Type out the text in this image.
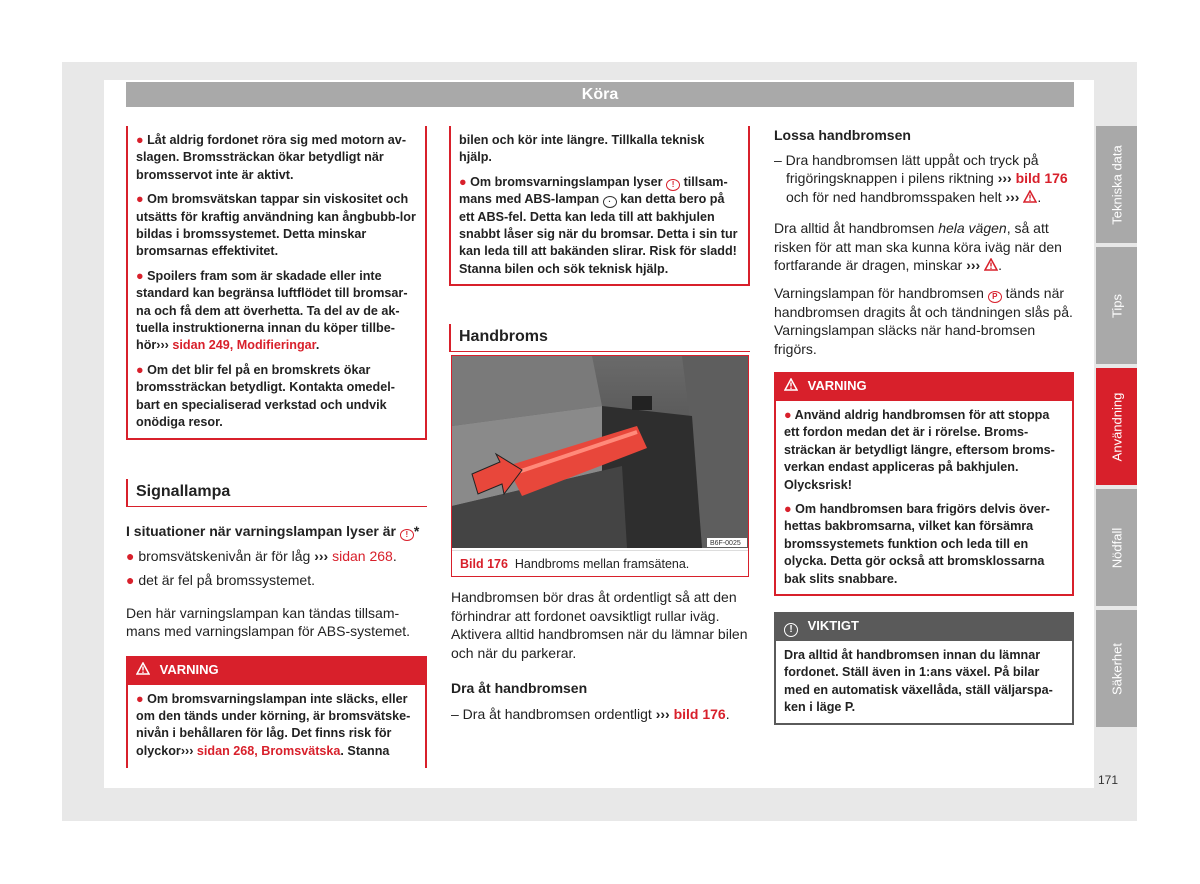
Köra

● Låt aldrig fordonet röra sig med motorn av-slagen. Bromssträckan ökar betydligt när bromsservot inte är aktivt.

● Om bromsvätskan tappar sin viskositet och utsätts för kraftig användning kan ångbubb-lor bildas i bromssystemet. Detta minskar bromsarnas effektivitet.

● Spoilers fram som är skadade eller inte standard kan begränsa luftflödet till bromsar-na och få dem att överhetta. Ta del av de ak-tuella instruktionerna innan du köper tillbe-hör››› sidan 249, Modifieringar.

● Om det blir fel på en bromskrets ökar bromssträckan betydligt. Kontakta omedel-bart en specialiserad verkstad och undvik onödiga resor.

Signallampa
I situationer när varningslampan lyser är ! *
● bromsvätskenivån är för låg ››› sidan 268.
● det är fel på bromssystemet.
Den här varningslampan kan tändas tillsam-mans med varningslampan för ABS-systemet.
VARNING

● Om bromsvarningslampan inte släcks, eller om den tänds under körning, är bromsvätske-nivån i behållaren för låg. Det finns risk för olyckor››› sidan 268, Bromsvätska. Stanna

bilen och kör inte längre. Tillkalla teknisk hjälp.

● Om bromsvarningslampan lyser ! tillsam-mans med ABS-lampan · kan detta bero på ett ABS-fel. Detta kan leda till att bakhjulen snabbt låser sig när du bromsar. Detta i sin tur kan leda till att bakänden slirar. Risk för sladd! Stanna bilen och sök teknisk hjälp.

Handbroms
B6F-0025
Bild 176 Handbroms mellan framsätena.
Handbromsen bör dras åt ordentligt så att den förhindrar att fordonet oavsiktligt rullar iväg. Aktivera alltid handbromsen när du lämnar bilen och när du parkerar.
Dra åt handbromsen
– Dra åt handbromsen ordentligt ››› bild 176.
Lossa handbromsen
– Dra handbromsen lätt uppåt och tryck på frigöringsknappen i pilens riktning ››› bild 176 och för ned handbromsspaken helt ››› .
Dra alltid åt handbromsen hela vägen, så att risken för att man ska kunna köra iväg när den fortfarande är dragen, minskar ››› .
Varningslampan för handbromsen P tänds när handbromsen dragits åt och tändningen slås på. Varningslampan släcks när hand-bromsen frigörs.
VARNING

● Använd aldrig handbromsen för att stoppa ett fordon medan det är i rörelse. Broms-sträckan är betydligt längre, eftersom broms-verkan endast appliceras på bakhjulen. Olycksrisk!

● Om handbromsen bara frigörs delvis över-hettas bakbromsarna, vilket kan försämra bromssystemets funktion och leda till en olycka. Detta gör också att bromsklossarna bak slits snabbare.

! VIKTIGT

Dra alltid åt handbromsen innan du lämnar fordonet. Ställ även in 1:ans växel. På bilar med en automatisk växellåda, ställ väljarspa-ken i läge P.

Tekniska data
Tips
Användning
Nödfall
Säkerhet
171
